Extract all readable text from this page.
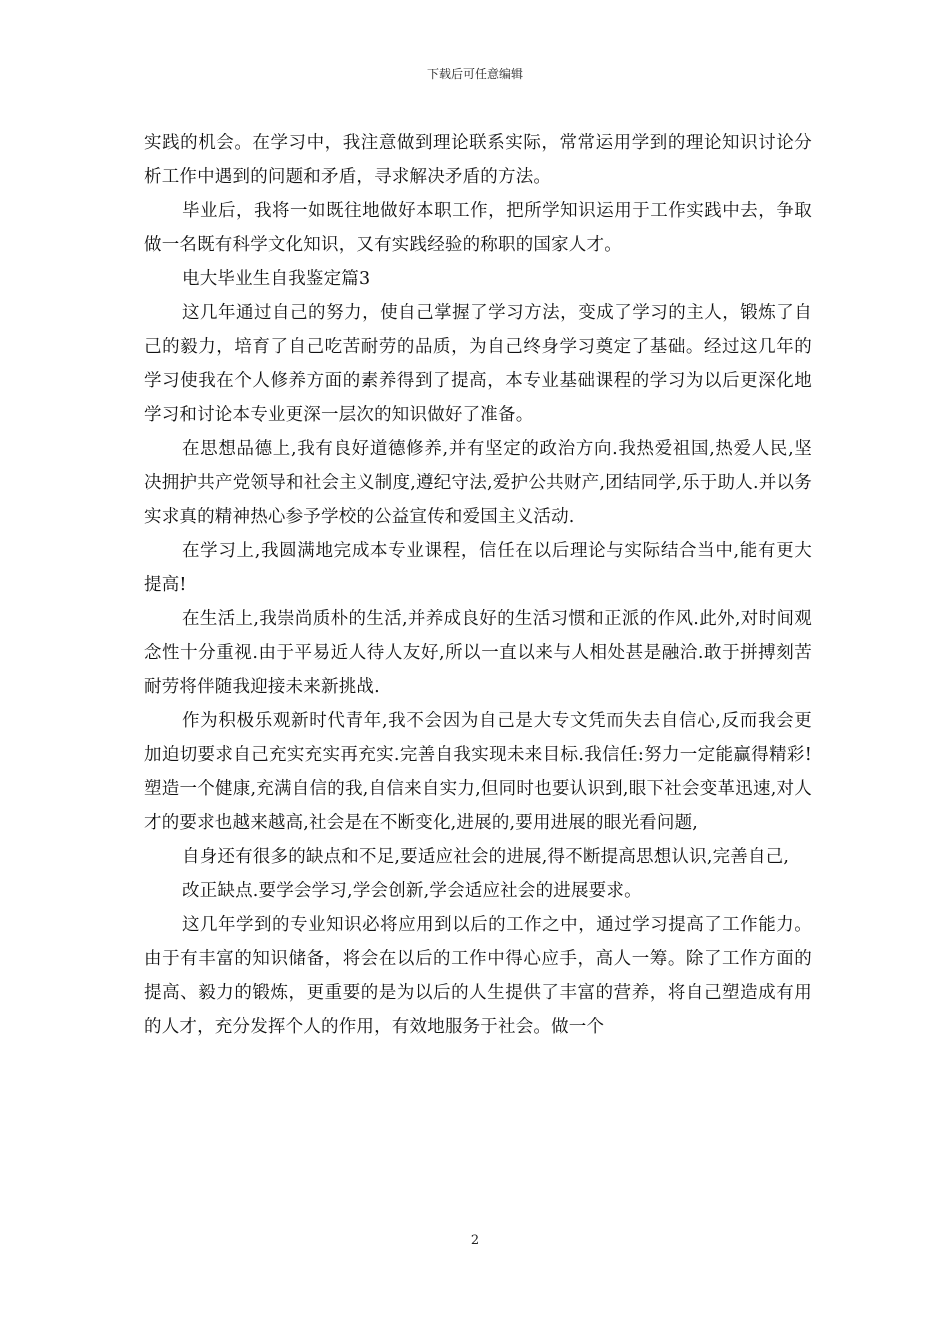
下载后可任意编辑

实践的机会。在学习中，我注意做到理论联系实际，常常运用学到的理论知识讨论分析工作中遇到的问题和矛盾，寻求解决矛盾的方法。

毕业后，我将一如既往地做好本职工作，把所学知识运用于工作实践中去，争取做一名既有科学文化知识，又有实践经验的称职的国家人才。

电大毕业生自我鉴定篇3

这几年通过自己的努力，使自己掌握了学习方法，变成了学习的主人，锻炼了自己的毅力，培育了自己吃苦耐劳的品质，为自己终身学习奠定了基础。经过这几年的学习使我在个人修养方面的素养得到了提高，本专业基础课程的学习为以后更深化地学习和讨论本专业更深一层次的知识做好了准备。

在思想品德上,我有良好道德修养,并有坚定的政治方向.我热爱祖国,热爱人民,坚决拥护共产党领导和社会主义制度,遵纪守法,爱护公共财产,团结同学,乐于助人.并以务实求真的精神热心参予学校的公益宣传和爱国主义活动.

在学习上,我圆满地完成本专业课程，信任在以后理论与实际结合当中,能有更大提高!

在生活上,我崇尚质朴的生活,并养成良好的生活习惯和正派的作风.此外,对时间观念性十分重视.由于平易近人待人友好,所以一直以来与人相处甚是融洽.敢于拼搏刻苦耐劳将伴随我迎接未来新挑战.

作为积极乐观新时代青年,我不会因为自己是大专文凭而失去自信心,反而我会更加迫切要求自己充实充实再充实.完善自我实现未来目标.我信任:努力一定能赢得精彩!塑造一个健康,充满自信的我,自信来自实力,但同时也要认识到,眼下社会变革迅速,对人才的要求也越来越高,社会是在不断变化,进展的,要用进展的眼光看问题,

自身还有很多的缺点和不足,要适应社会的进展,得不断提高思想认识,完善自己,

改正缺点.要学会学习,学会创新,学会适应社会的进展要求。

这几年学到的专业知识必将应用到以后的工作之中，通过学习提高了工作能力。由于有丰富的知识储备，将会在以后的工作中得心应手，高人一筹。除了工作方面的提高、毅力的锻炼，更重要的是为以后的人生提供了丰富的营养，将自己塑造成有用的人才，充分发挥个人的作用，有效地服务于社会。做一个

2
